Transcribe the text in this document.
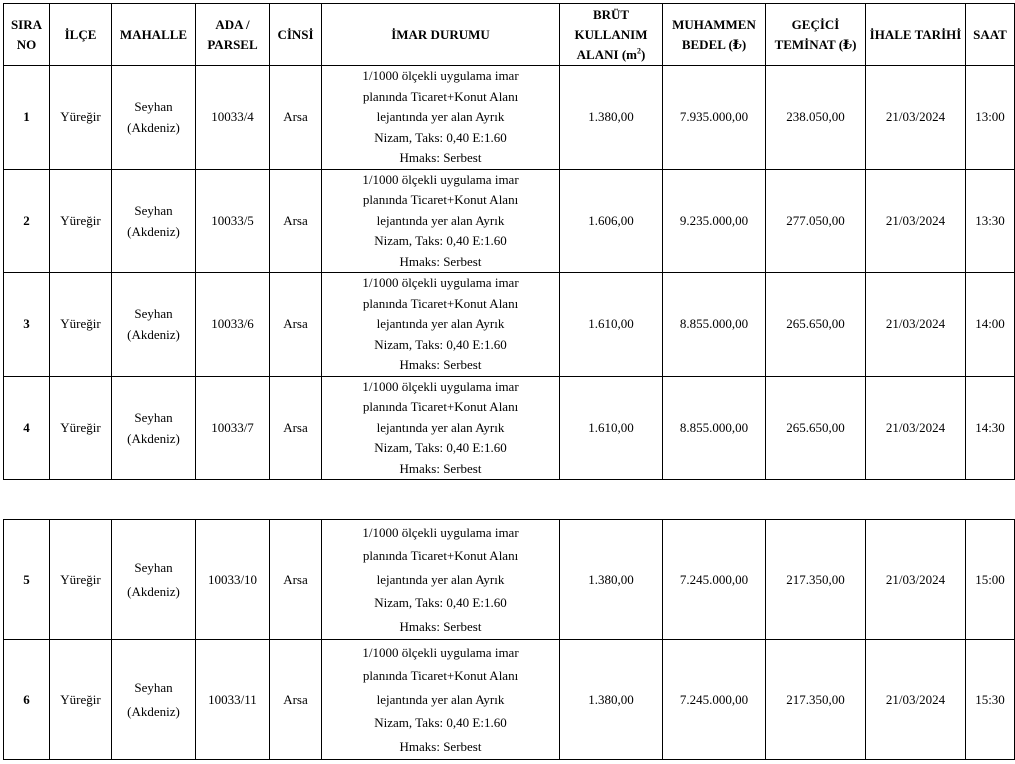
SIRA NO	İLÇE	MAHALLE	ADA / PARSEL	CİNSİ	İMAR DURUMU	BRÜT KULLANIM ALANI $(m^2)$	MUHAMMEN BEDEL (₺)	GEÇİCİ TEMİNAT (₺)	İHALE TARİHİ	SAAT
1	Yüreğir	Seyhan
(Akdeniz)	10033/4	Arsa	1/1000 ölçekli uygulama imar
planında Ticaret+Konut Alanı
lejantında yer alan Ayrık
Nizam, Taks: 0,40 E:1.60
Hmaks: Serbest	1.380,00	7.935.000,00	238.050,00	21/03/2024	13:00
2	Yüreğir	Seyhan
(Akdeniz)	10033/5	Arsa	1/1000 ölçekli uygulama imar
planında Ticaret+Konut Alanı
lejantında yer alan Ayrık
Nizam, Taks: 0,40 E:1.60
Hmaks: Serbest	1.606,00	9.235.000,00	277.050,00	21/03/2024	13:30
3	Yüreğir	Seyhan
(Akdeniz)	10033/6	Arsa	1/1000 ölçekli uygulama imar
planında Ticaret+Konut Alanı
lejantında yer alan Ayrık
Nizam, Taks: 0,40 E:1.60
Hmaks: Serbest	1.610,00	8.855.000,00	265.650,00	21/03/2024	14:00
4	Yüreğir	Seyhan
(Akdeniz)	10033/7	Arsa	1/1000 ölçekli uygulama imar
planında Ticaret+Konut Alanı
lejantında yer alan Ayrık
Nizam, Taks: 0,40 E:1.60
Hmaks: Serbest	1.610,00	8.855.000,00	265.650,00	21/03/2024	14:30
5	Yüreğir	Seyhan
(Akdeniz)	10033/10	Arsa	1/1000 ölçekli uygulama imar
planında Ticaret+Konut Alanı
lejantında yer alan Ayrık
Nizam, Taks: 0,40 E:1.60
Hmaks: Serbest	1.380,00	7.245.000,00	217.350,00	21/03/2024	15:00
6	Yüreğir	Seyhan
(Akdeniz)	10033/11	Arsa	1/1000 ölçekli uygulama imar
planında Ticaret+Konut Alanı
lejantında yer alan Ayrık
Nizam, Taks: 0,40 E:1.60
Hmaks: Serbest	1.380,00	7.245.000,00	217.350,00	21/03/2024	15:30
